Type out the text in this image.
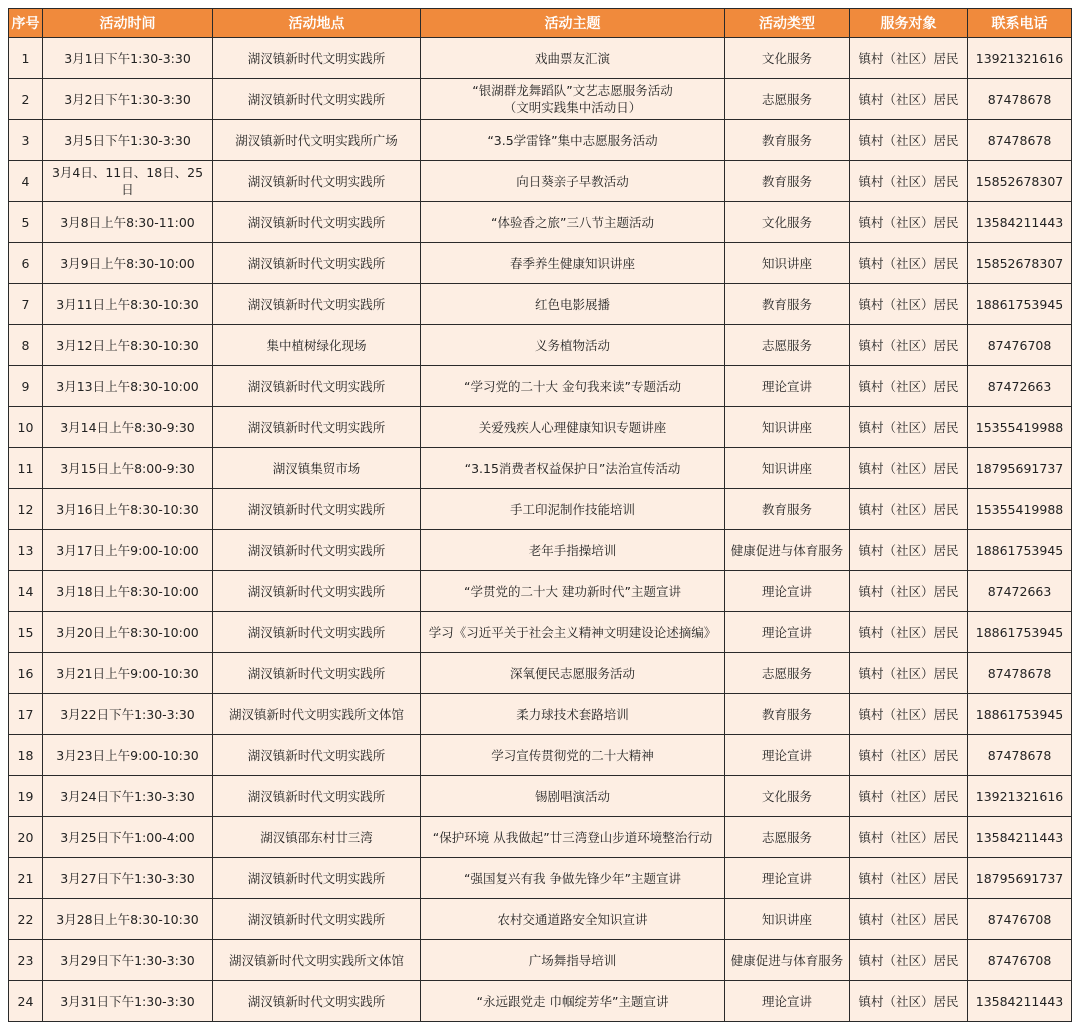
序号	活动时间	活动地点	活动主题	活动类型	服务对象	联系电话
1	3月1日下午1:30-3:30	湖汊镇新时代文明实践所	戏曲票友汇演	文化服务	镇村（社区）居民	13921321616
2	3月2日下午1:30-3:30	湖汊镇新时代文明实践所	“银湖群龙舞蹈队”文艺志愿服务活动
（文明实践集中活动日）	志愿服务	镇村（社区）居民	87478678
3	3月5日下午1:30-3:30	湖汊镇新时代文明实践所广场	“3.5学雷锋”集中志愿服务活动	教育服务	镇村（社区）居民	87478678
4	3月4日、11日、18日、25
日	湖汊镇新时代文明实践所	向日葵亲子早教活动	教育服务	镇村（社区）居民	15852678307
5	3月8日上午8:30-11:00	湖汊镇新时代文明实践所	“体验香之旅”三八节主题活动	文化服务	镇村（社区）居民	13584211443
6	3月9日上午8:30-10:00	湖汊镇新时代文明实践所	春季养生健康知识讲座	知识讲座	镇村（社区）居民	15852678307
7	3月11日上午8:30-10:30	湖汊镇新时代文明实践所	红色电影展播	教育服务	镇村（社区）居民	18861753945
8	3月12日上午8:30-10:30	集中植树绿化现场	义务植物活动	志愿服务	镇村（社区）居民	87476708
9	3月13日上午8:30-10:00	湖汊镇新时代文明实践所	“学习党的二十大 金句我来读”专题活动	理论宣讲	镇村（社区）居民	87472663
10	3月14日上午8:30-9:30	湖汊镇新时代文明实践所	关爱残疾人心理健康知识专题讲座	知识讲座	镇村（社区）居民	15355419988
11	3月15日上午8:00-9:30	湖汊镇集贸市场	“3.15消费者权益保护日”法治宣传活动	知识讲座	镇村（社区）居民	18795691737
12	3月16日上午8:30-10:30	湖汊镇新时代文明实践所	手工印泥制作技能培训	教育服务	镇村（社区）居民	15355419988
13	3月17日上午9:00-10:00	湖汊镇新时代文明实践所	老年手指操培训	健康促进与体育服务	镇村（社区）居民	18861753945
14	3月18日上午8:30-10:00	湖汊镇新时代文明实践所	“学贯党的二十大 建功新时代”主题宣讲	理论宣讲	镇村（社区）居民	87472663
15	3月20日上午8:30-10:00	湖汊镇新时代文明实践所	学习《习近平关于社会主义精神文明建设论述摘编》	理论宣讲	镇村（社区）居民	18861753945
16	3月21日上午9:00-10:30	湖汊镇新时代文明实践所	深氧便民志愿服务活动	志愿服务	镇村（社区）居民	87478678
17	3月22日下午1:30-3:30	湖汊镇新时代文明实践所文体馆	柔力球技术套路培训	教育服务	镇村（社区）居民	18861753945
18	3月23日上午9:00-10:30	湖汊镇新时代文明实践所	学习宣传贯彻党的二十大精神	理论宣讲	镇村（社区）居民	87478678
19	3月24日下午1:30-3:30	湖汊镇新时代文明实践所	锡剧唱演活动	文化服务	镇村（社区）居民	13921321616
20	3月25日下午1:00-4:00	湖汊镇邵东村廿三湾	“保护环境 从我做起”廿三湾登山步道环境整治行动	志愿服务	镇村（社区）居民	13584211443
21	3月27日下午1:30-3:30	湖汊镇新时代文明实践所	“强国复兴有我 争做先锋少年”主题宣讲	理论宣讲	镇村（社区）居民	18795691737
22	3月28日上午8:30-10:30	湖汊镇新时代文明实践所	农村交通道路安全知识宣讲	知识讲座	镇村（社区）居民	87476708
23	3月29日下午1:30-3:30	湖汊镇新时代文明实践所文体馆	广场舞指导培训	健康促进与体育服务	镇村（社区）居民	87476708
24	3月31日下午1:30-3:30	湖汊镇新时代文明实践所	“永远跟党走 巾帼绽芳华”主题宣讲	理论宣讲	镇村（社区）居民	13584211443
